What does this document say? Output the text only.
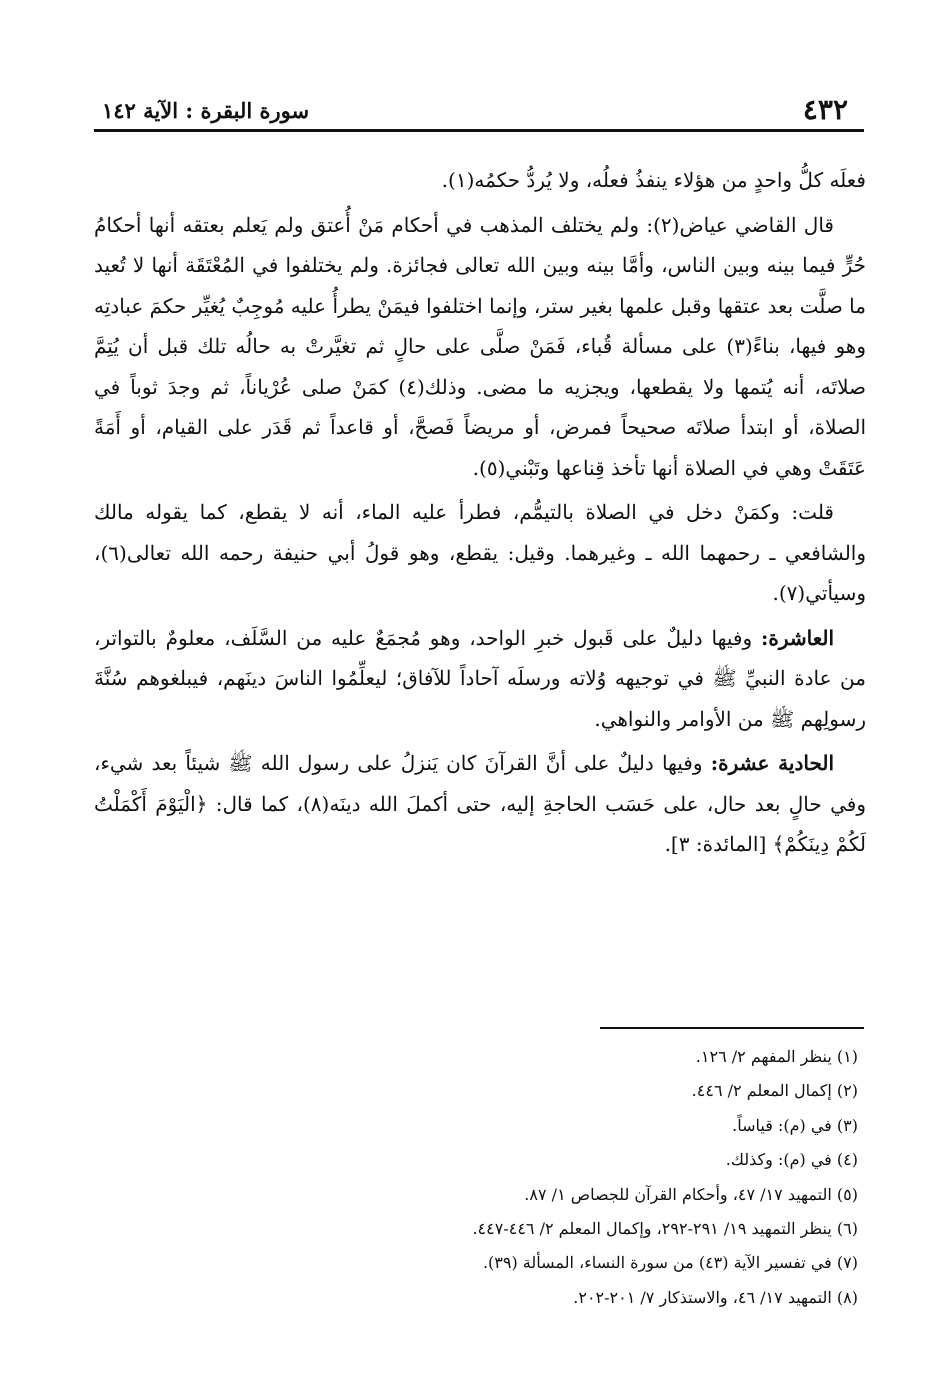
٤٣٢
سورة البقرة : الآية ١٤٢

فعلَه كلُّ واحدٍ من هؤلاء ينفذُ فعلُه، ولا يُردُّ حكمُه(١).

قال القاضي عياض(٢): ولم يختلف المذهب في أحكام مَنْ أُعتق ولم يَعلم بعتقه أنها أحكامُ حُرٍّ فيما بينه وبين الناس، وأمَّا بينه وبين الله تعالى فجائزة. ولم يختلفوا في المُعْتَقَة أنها لا تُعيد ما صلَّت بعد عتقها وقبل علمها بغير ستر، وإنما اختلفوا فيمَنْ يطرأُ عليه مُوجِبٌ يُغيِّر حكمَ عبادتِه وهو فيها، بناءً(٣) على مسألة قُباء، فَمَنْ صلَّى على حالٍ ثم تغيَّرتْ به حالُه تلك قبل أن يُتِمَّ صلاتَه، أنه يُتمها ولا يقطعها، ويجزيه ما مضى. وذلك(٤) كمَنْ صلى عُرْياناً، ثم وجدَ ثوباً في الصلاة، أو ابتدأ صلاتَه صحيحاً فمرض، أو مريضاً فَصحَّ، أو قاعداً ثم قَدَر على القيام، أو أَمَةً عَتَقَتْ وهي في الصلاة أنها تأخذ قِناعها وتَبْني(٥).

قلت: وكمَنْ دخل في الصلاة بالتيمُّم، فطرأ عليه الماء، أنه لا يقطع، كما يقوله مالك والشافعي ـ رحمهما الله ـ وغيرهما. وقيل: يقطع، وهو قولُ أبي حنيفة رحمه الله تعالى(٦)، وسيأتي(٧).

العاشرة: وفيها دليلٌ على قَبول خبرِ الواحد، وهو مُجمَعٌ عليه من السَّلَف، معلومٌ بالتواتر، من عادة النبيِّ ﷺ في توجيهه وُلاته ورسلَه آحاداً للآفاق؛ ليعلِّمُوا الناسَ دينَهم، فيبلغوهم سُنَّةَ رسولِهم ﷺ من الأوامر والنواهي.

الحادية عشرة: وفيها دليلٌ على أنَّ القرآنَ كان يَنزلُ على رسول الله ﷺ شيئاً بعد شيء، وفي حالٍ بعد حال، على حَسَب الحاجةِ إليه، حتى أكملَ الله دينَه(٨)، كما قال: ﴿الْيَوْمَ أَكْمَلْتُ لَكُمْ دِينَكُمْ﴾ [المائدة: ٣].

(١) ينظر المفهم ٢/ ١٢٦.

(٢) إكمال المعلم ٢/ ٤٤٦.

(٣) في (م): قياساً.

(٤) في (م): وكذلك.

(٥) التمهيد ١٧/ ٤٧، وأحكام القرآن للجصاص ١/ ٨٧.

(٦) ينظر التمهيد ١٩/ ٢٩١-٢٩٢، وإكمال المعلم ٢/ ٤٤٦-٤٤٧.

(٧) في تفسير الآية (٤٣) من سورة النساء، المسألة (٣٩).

(٨) التمهيد ١٧/ ٤٦، والاستذكار ٧/ ٢٠١-٢٠٢.
